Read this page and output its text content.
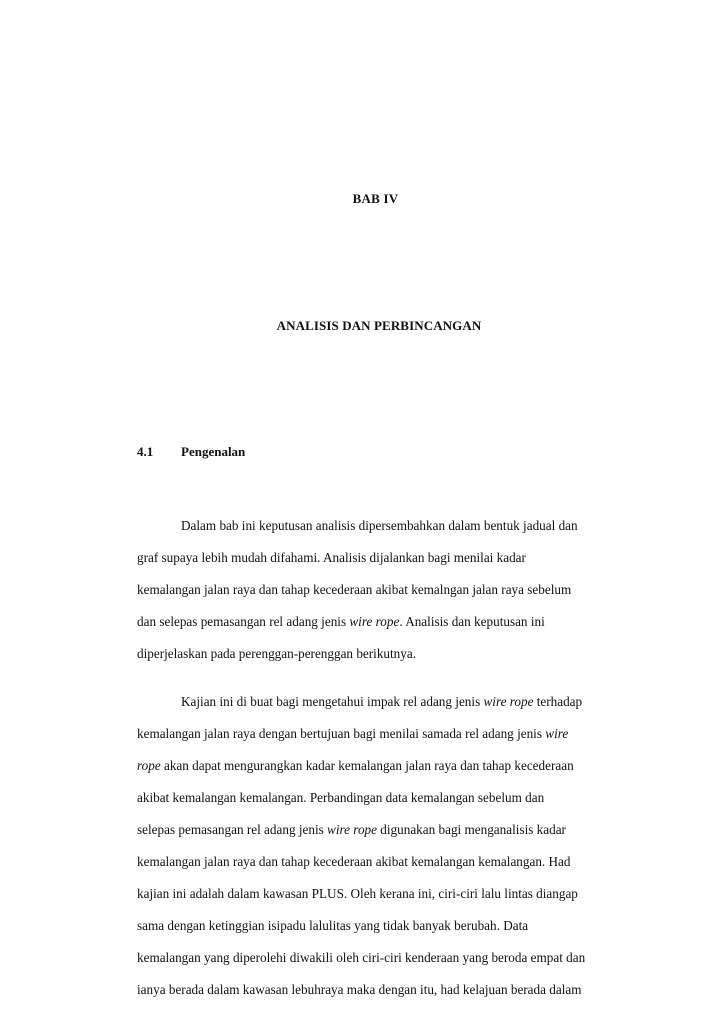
BAB IV
ANALISIS DAN PERBINCANGAN
4.1 Pengenalan

Dalam bab ini keputusan analisis dipersembahkan dalam bentuk jadual dan
graf supaya lebih mudah difahami. Analisis dijalankan bagi menilai kadar
kemalangan jalan raya dan tahap kecederaan akibat kemalngan jalan raya sebelum
dan selepas pemasangan rel adang jenis wire rope. Analisis dan keputusan ini
diperjelaskan pada perenggan-perenggan berikutnya.

Kajian ini di buat bagi mengetahui impak rel adang jenis wire rope terhadap
kemalangan jalan raya dengan bertujuan bagi menilai samada rel adang jenis wire
rope akan dapat mengurangkan kadar kemalangan jalan raya dan tahap kecederaan
akibat kemalangan kemalangan. Perbandingan data kemalangan sebelum dan
selepas pemasangan rel adang jenis wire rope digunakan bagi menganalisis kadar
kemalangan jalan raya dan tahap kecederaan akibat kemalangan kemalangan. Had
kajian ini adalah dalam kawasan PLUS. Oleh kerana ini, ciri-ciri lalu lintas diangap
sama dengan ketinggian isipadu lalulitas yang tidak banyak berubah. Data
kemalangan yang diperolehi diwakili oleh ciri-ciri kenderaan yang beroda empat dan
ianya berada dalam kawasan lebuhraya maka dengan itu, had kelajuan berada dalam
